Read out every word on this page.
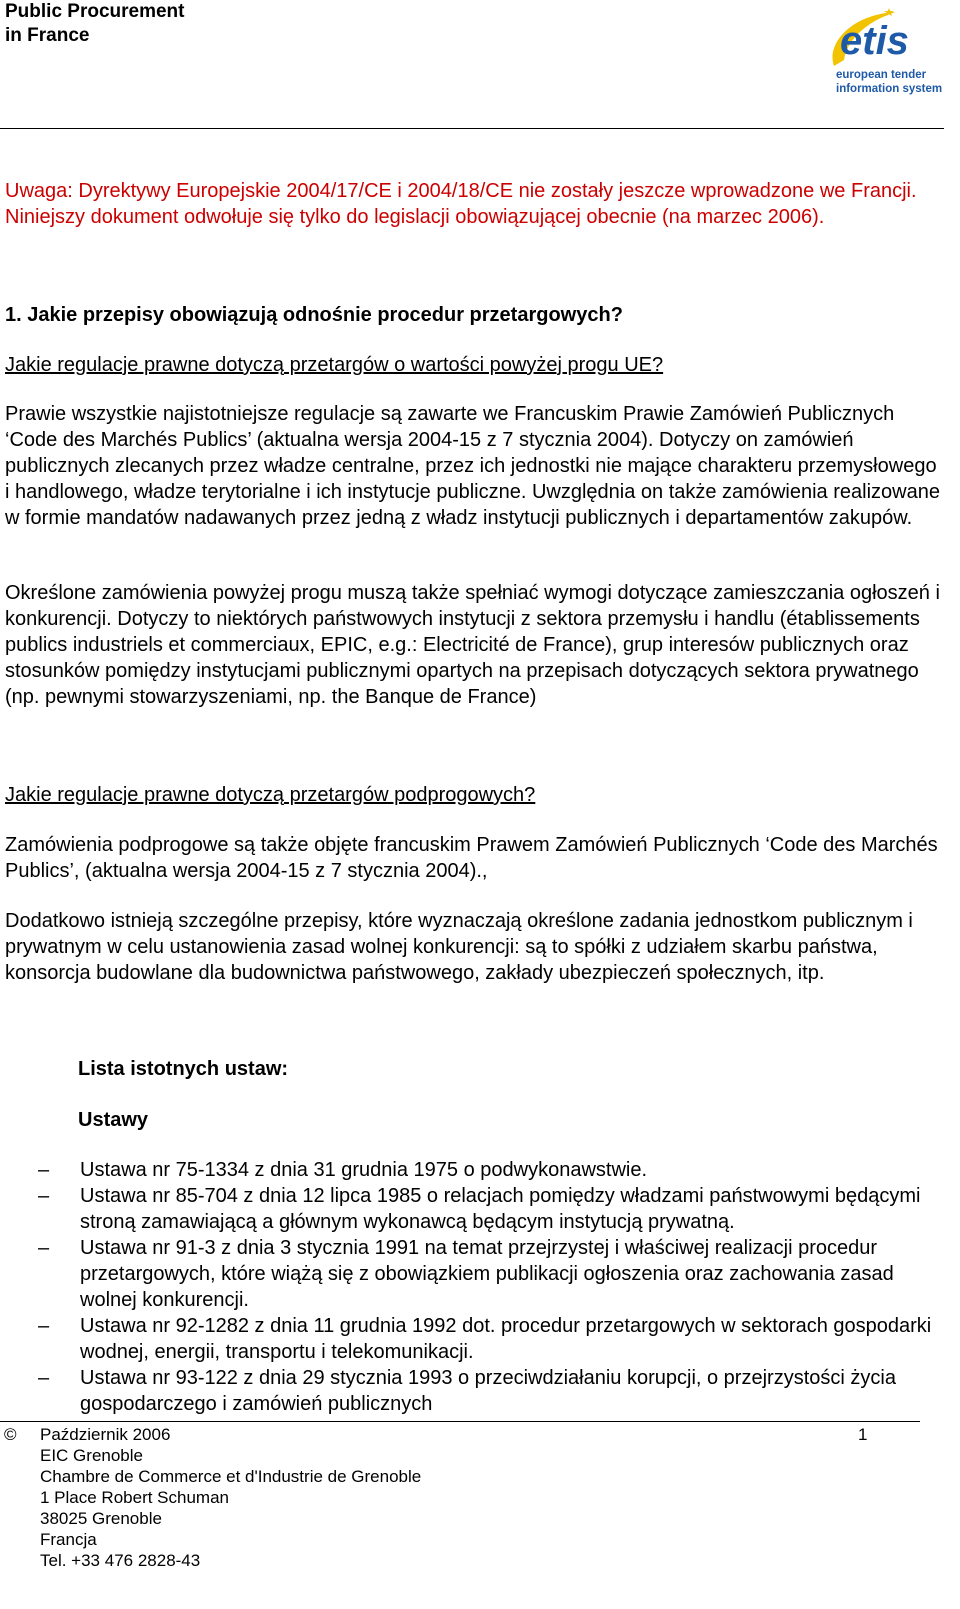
Public Procurement
in France	etis
european tender
information system

Uwaga: Dyrektywy Europejskie 2004/17/CE i 2004/18/CE nie zostały jeszcze wprowadzone we Francji. Niniejszy dokument odwołuje się tylko do legislacji obowiązującej obecnie (na marzec 2006).

1. Jakie przepisy obowiązują odnośnie procedur przetargowych?

Jakie regulacje prawne dotyczą przetargów o wartości powyżej progu UE?

Prawie wszystkie najistotniejsze regulacje są zawarte we Francuskim Prawie Zamówień Publicznych ‘Code des Marchés Publics’ (aktualna wersja 2004-15 z 7 stycznia 2004). Dotyczy on zamówień publicznych zlecanych przez władze centralne, przez ich jednostki nie mające charakteru przemysłowego i handlowego, władze terytorialne i ich instytucje publiczne. Uwzględnia on także zamówienia realizowane w formie mandatów nadawanych przez jedną z władz instytucji publicznych i departamentów zakupów.

Określone zamówienia powyżej progu muszą także spełniać wymogi dotyczące zamieszczania ogłoszeń i konkurencji. Dotyczy to niektórych państwowych instytucji z sektora przemysłu i handlu (établissements publics industriels et commerciaux, EPIC, e.g.: Electricité de France), grup interesów publicznych oraz stosunków pomiędzy instytucjami publicznymi opartych na przepisach dotyczących sektora prywatnego (np. pewnymi stowarzyszeniami, np. the Banque de France)

Jakie regulacje prawne dotyczą przetargów podprogowych?

Zamówienia podprogowe są także objęte francuskim Prawem Zamówień Publicznych ‘Code des Marchés Publics’, (aktualna wersja 2004-15 z 7 stycznia 2004).,

Dodatkowo istnieją szczególne przepisy, które wyznaczają określone zadania jednostkom publicznym i prywatnym w celu ustanowienia zasad wolnej konkurencji: są to spółki z udziałem skarbu państwa, konsorcja budowlane dla budownictwa państwowego, zakłady ubezpieczeń społecznych, itp.

Lista istotnych ustaw:

Ustawy

– Ustawa nr 75-1334 z dnia 31 grudnia 1975 o podwykonawstwie.
– Ustawa nr 85-704 z dnia 12 lipca 1985 o relacjach pomiędzy władzami państwowymi będącymi stroną zamawiającą a głównym wykonawcą będącym instytucją prywatną.
– Ustawa nr 91-3 z dnia 3 stycznia 1991 na temat przejrzystej i właściwej realizacji procedur przetargowych, które wiążą się z obowiązkiem publikacji ogłoszenia oraz zachowania zasad wolnej konkurencji.
– Ustawa nr 92-1282 z dnia 11 grudnia 1992 dot. procedur przetargowych w sektorach gospodarki wodnej, energii, transportu i telekomunikacji.
– Ustawa nr 93-122 z dnia 29 stycznia 1993 o przeciwdziałaniu korupcji, o przejrzystości życia gospodarczego i zamówień publicznych
© Październik 2006
EIC Grenoble
Chambre de Commerce et d'Industrie de Grenoble
1 Place Robert Schuman
38025 Grenoble
Francja
Tel. +33 476 2828-43
1
